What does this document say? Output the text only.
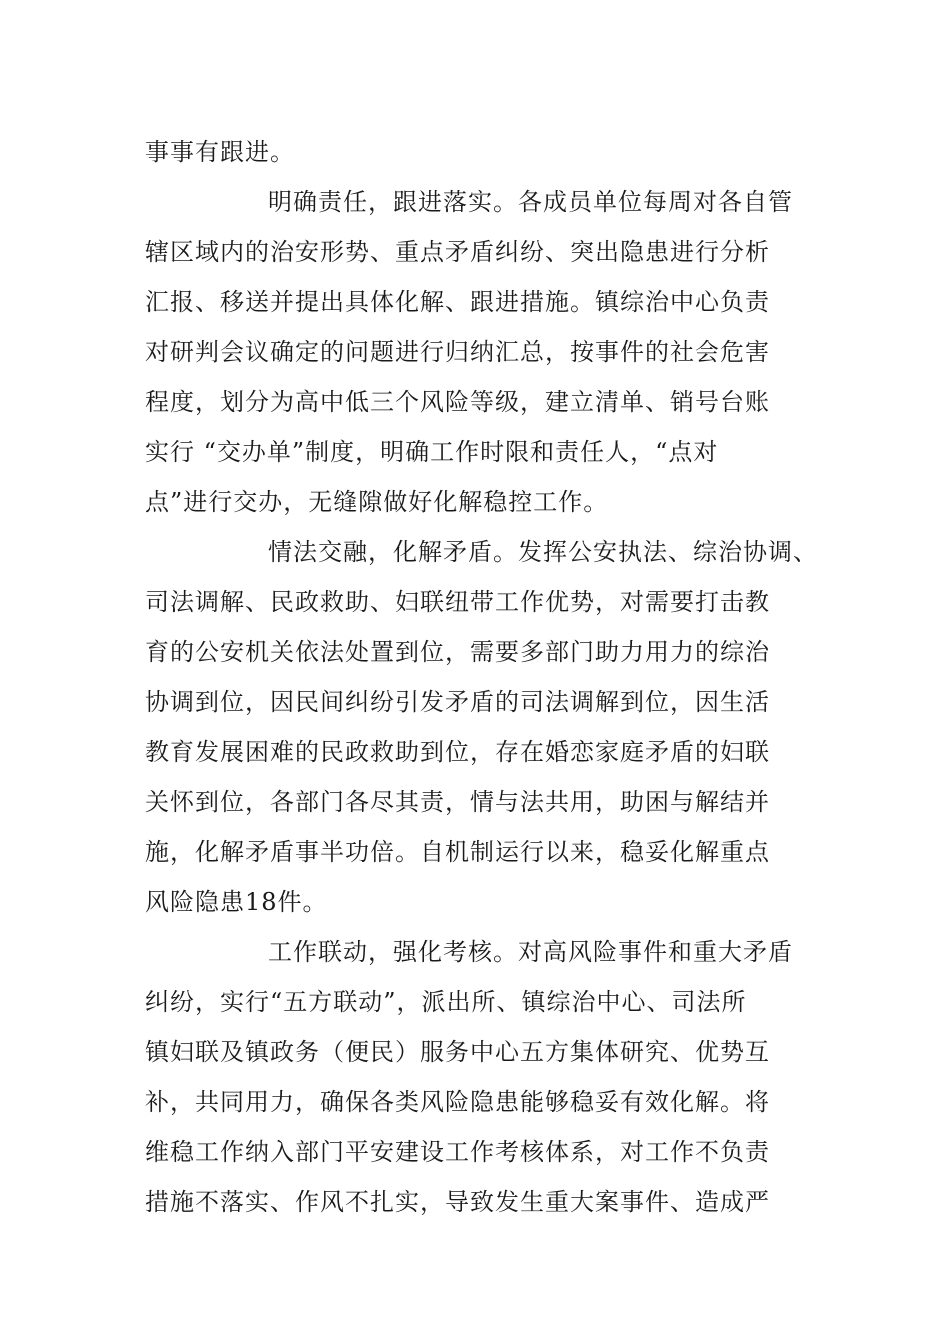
事事有跟进。
明确责任，跟进落实。各成员单位每周对各自管
辖区域内的治安形势、重点矛盾纠纷、突出隐患进行分析
汇报、移送并提出具体化解、跟进措施。镇综治中心负责
对研判会议确定的问题进行归纳汇总，按事件的社会危害
程度，划分为高中低三个风险等级，建立清单、销号台账
实行 “交办单”制度，明确工作时限和责任人，“点对
点”进行交办，无缝隙做好化解稳控工作。
情法交融，化解矛盾。发挥公安执法、综治协调、
司法调解、民政救助、妇联纽带工作优势，对需要打击教
育的公安机关依法处置到位，需要多部门助力用力的综治
协调到位，因民间纠纷引发矛盾的司法调解到位，因生活
教育发展困难的民政救助到位，存在婚恋家庭矛盾的妇联
关怀到位，各部门各尽其责，情与法共用，助困与解结并
施，化解矛盾事半功倍。自机制运行以来，稳妥化解重点
风险隐患18件。
工作联动，强化考核。对高风险事件和重大矛盾
纠纷，实行“五方联动”，派出所、镇综治中心、司法所
镇妇联及镇政务（便民）服务中心五方集体研究、优势互
补，共同用力，确保各类风险隐患能够稳妥有效化解。将
维稳工作纳入部门平安建设工作考核体系，对工作不负责
措施不落实、作风不扎实，导致发生重大案事件、造成严
